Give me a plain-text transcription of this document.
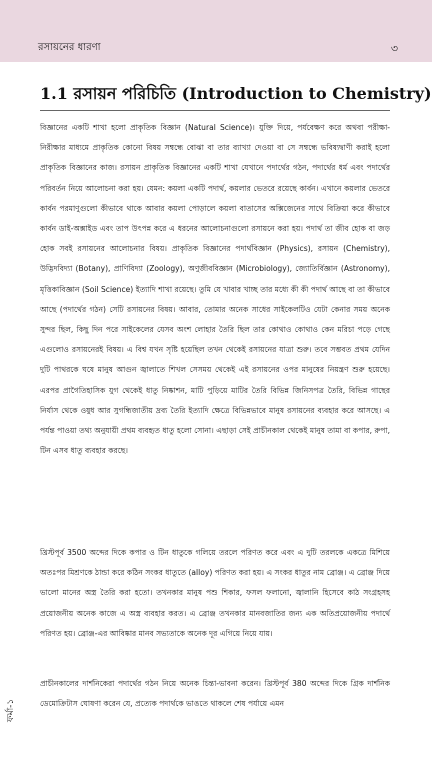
রসায়নের ধারণা	৩
1.1 রসায়ন পরিচিতি (Introduction to Chemistry)

বিজ্ঞানের একটি শাখা হলো প্রাকৃতিক বিজ্ঞান (Natural Science)। যুক্তি দিয়ে, পর্যবেক্ষণ করে অথবা পরীক্ষা-নিরীক্ষার মাধ্যমে প্রাকৃতিক কোনো বিষয় সম্বন্ধে বোঝা বা তার ব্যাখ্যা দেওয়া বা সে সম্বন্ধে ভবিষ্যদ্বাণী করাই হলো প্রাকৃতিক বিজ্ঞানের কাজ। রসায়ন প্রাকৃতিক বিজ্ঞানের একটি শাখা যেখানে পদার্থের গঠন, পদার্থের ধর্ম এবং পদার্থের পরিবর্তন নিয়ে আলোচনা করা হয়। যেমন: কয়লা একটি পদার্থ, কয়লার ভেতরে রয়েছে কার্বন। এখানে কয়লার ভেতরে কার্বন পরমাণুগুলো কীভাবে থাকে আবার কয়লা পোড়ালে কয়লা বাতাসের অক্সিজেনের সাথে বিক্রিয়া করে কীভাবে কার্বন ডাই-অক্সাইড এবং তাপ উৎপন্ন করে এ ধরনের আলোচনাগুলো রসায়নে করা হয়। পদার্থ তা জীব হোক বা জড় হোক সবই রসায়নের আলোচনার বিষয়। প্রাকৃতিক বিজ্ঞানের পদার্থবিজ্ঞান (Physics), রসায়ন (Chemistry), উদ্ভিদবিদ্যা (Botany), প্রাণিবিদ্যা (Zoology), অণুজীববিজ্ঞান (Microbiology), জ্যোতির্বিজ্ঞান (Astronomy), মৃত্তিকাবিজ্ঞান (Soil Science) ইত্যাদি শাখা রয়েছে। তুমি যে খাবার খাচ্ছ তার মধ্যে কী কী পদার্থ আছে বা তা কীভাবে আছে (পদার্থের গঠন) সেটি রসায়নের বিষয়। আবার, তোমার অনেক সাধের সাইকেলটিও যেটা কেনার সময় অনেক সুন্দর ছিল, কিছু দিন পরে সাইকেলের যেসব অংশ লোহার তৈরি ছিল তার কোথাও কোথাও কেন মরিচা পড়ে গেছে এগুলোও রসায়নেরই বিষয়। এ বিশ্ব যখন সৃষ্টি হয়েছিল তখন থেকেই রসায়নের যাত্রা শুরু। তবে সম্ভবত প্রথম যেদিন দুটি পাথরকে ঘষে মানুষ আগুন জ্বালাতে শিখল সেসময় থেকেই এই রসায়নের ওপর মানুষের নিয়ন্ত্রণ শুরু হয়েছে। এরপর প্রাগৈতিহাসিক যুগ থেকেই ধাতু নিষ্কাশন, মাটি পুড়িয়ে মাটির তৈরি বিভিন্ন জিনিসপত্র তৈরি, বিভিন্ন গাছের নির্যাস থেকে ওষুধ আর সুগন্ধিজাতীয় দ্রব্য তৈরি ইত্যাদি ক্ষেত্রে বিভিন্নভাবে মানুষ রসায়নের ব্যবহার করে আসছে। এ পর্যন্ত পাওয়া তথ্য অনুযায়ী প্রথম ব্যবহৃত ধাতু হলো সোনা। এছাড়া সেই প্রাচীনকাল থেকেই মানুষ তামা বা কপার, রুপা, টিন এসব ধাতু ব্যবহার করছে।

খ্রিস্টপূর্ব 3500 অব্দের দিকে কপার ও টিন ধাতুকে গলিয়ে তরলে পরিণত করে এবং এ দুটি তরলকে একত্রে মিশিয়ে অতঃপর মিশ্রণকে ঠান্ডা করে কঠিন সংকর ধাতুতে (alloy) পরিণত করা হয়। এ সংকর ধাতুর নাম ব্রোঞ্জ। এ ব্রোঞ্জ দিয়ে ভালো মানের অস্ত্র তৈরি করা হতো। তখনকার মানুষ পশু শিকার, ফসল ফলানো, জ্বালানি হিসেবে কাঠ সংগ্রহসহ প্রয়োজনীয় অনেক কাজে এ অস্ত্র ব্যবহার করত। এ ব্রোঞ্জ তখনকার মানবজাতির জন্য এক অতিপ্রয়োজনীয় পদার্থে পরিণত হয়। ব্রোঞ্জ-এর আবিষ্কার মানব সভ্যতাকে অনেক দূর এগিয়ে নিয়ে যায়।

প্রাচীনকালের দার্শনিকেরা পদার্থের গঠন নিয়ে অনেক চিন্তা-ভাবনা করেন। খ্রিস্টপূর্ব 380 অব্দের দিকে গ্রিক দার্শনিক ডেমোক্রিটাস ঘোষণা করেন যে, প্রত্যেক পদার্থকে ভাঙতে থাকলে শেষ পর্যায়ে এমন

ফর্মা-১
